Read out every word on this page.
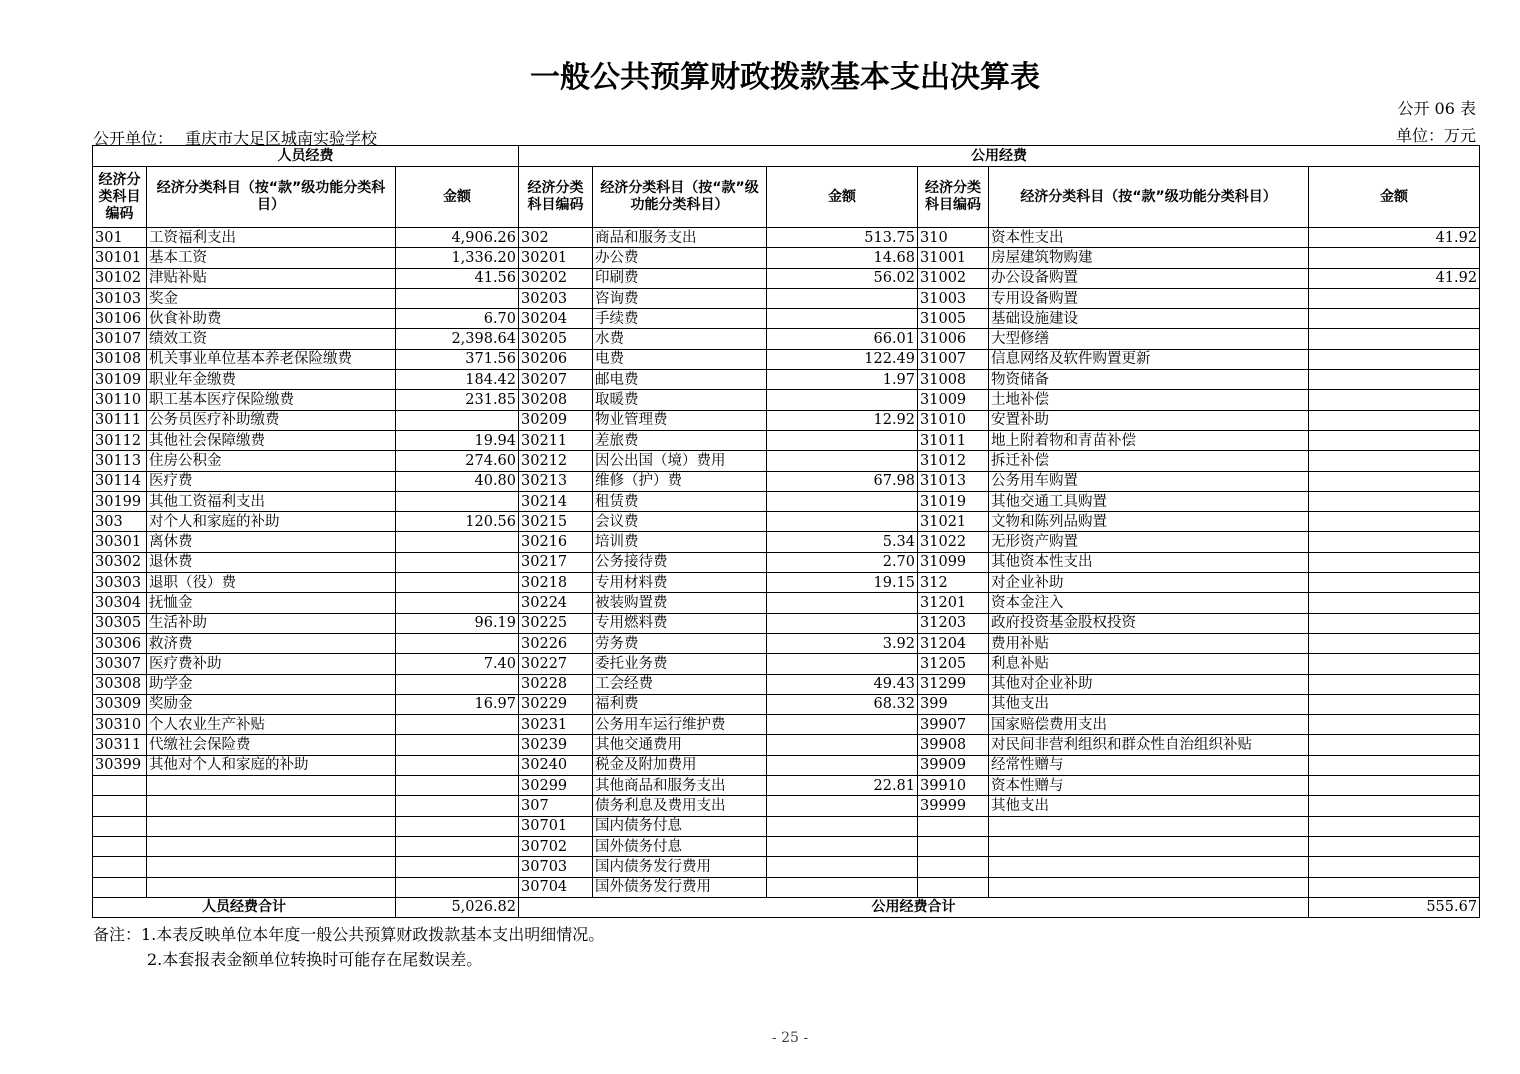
一般公共预算财政拨款基本支出决算表
公开 06 表
公开单位： 重庆市大足区城南实验学校	单位：万元
人员经费			公用经费					
经济分类科目编码	经济分类科目（按“款”级功能分类科目）	金额	经济分类科目编码	经济分类科目（按“款”级功能分类科目）	金额	经济分类科目编码	经济分类科目（按“款”级功能分类科目）	金额
301	工资福利支出	4,906.26	302	商品和服务支出	513.75	310	资本性支出	41.92
30101	基本工资	1,336.20	30201	办公费	14.68	31001	房屋建筑物购建	
30102	津贴补贴	41.56	30202	印刷费	56.02	31002	办公设备购置	41.92
30103	奖金		30203	咨询费		31003	专用设备购置	
30106	伙食补助费	6.70	30204	手续费		31005	基础设施建设	
30107	绩效工资	2,398.64	30205	水费	66.01	31006	大型修缮	
30108	机关事业单位基本养老保险缴费	371.56	30206	电费	122.49	31007	信息网络及软件购置更新	
30109	职业年金缴费	184.42	30207	邮电费	1.97	31008	物资储备	
30110	职工基本医疗保险缴费	231.85	30208	取暖费		31009	土地补偿	
30111	公务员医疗补助缴费		30209	物业管理费	12.92	31010	安置补助	
30112	其他社会保障缴费	19.94	30211	差旅费		31011	地上附着物和青苗补偿	
30113	住房公积金	274.60	30212	因公出国（境）费用		31012	拆迁补偿	
30114	医疗费	40.80	30213	维修（护）费	67.98	31013	公务用车购置	
30199	其他工资福利支出		30214	租赁费		31019	其他交通工具购置	
303	对个人和家庭的补助	120.56	30215	会议费		31021	文物和陈列品购置	
30301	离休费		30216	培训费	5.34	31022	无形资产购置	
30302	退休费		30217	公务接待费	2.70	31099	其他资本性支出	
30303	退职（役）费		30218	专用材料费	19.15	312	对企业补助	
30304	抚恤金		30224	被装购置费		31201	资本金注入	
30305	生活补助	96.19	30225	专用燃料费		31203	政府投资基金股权投资	
30306	救济费		30226	劳务费	3.92	31204	费用补贴	
30307	医疗费补助	7.40	30227	委托业务费		31205	利息补贴	
30308	助学金		30228	工会经费	49.43	31299	其他对企业补助	
30309	奖励金	16.97	30229	福利费	68.32	399	其他支出	
30310	个人农业生产补贴		30231	公务用车运行维护费		39907	国家赔偿费用支出	
30311	代缴社会保险费		30239	其他交通费用		39908	对民间非营利组织和群众性自治组织补贴	
30399	其他对个人和家庭的补助		30240	税金及附加费用		39909	经常性赠与	
			30299	其他商品和服务支出	22.81	39910	资本性赠与	
			307	债务利息及费用支出		39999	其他支出	
			30701	国内债务付息				
			30702	国外债务付息				
			30703	国内债务发行费用				
			30704	国外债务发行费用				
人员经费合计		5,026.82	公用经费合计					555.67
备注：1.本表反映单位本年度一般公共预算财政拨款基本支出明细情况。
2.本套报表金额单位转换时可能存在尾数误差。
- 25 -
